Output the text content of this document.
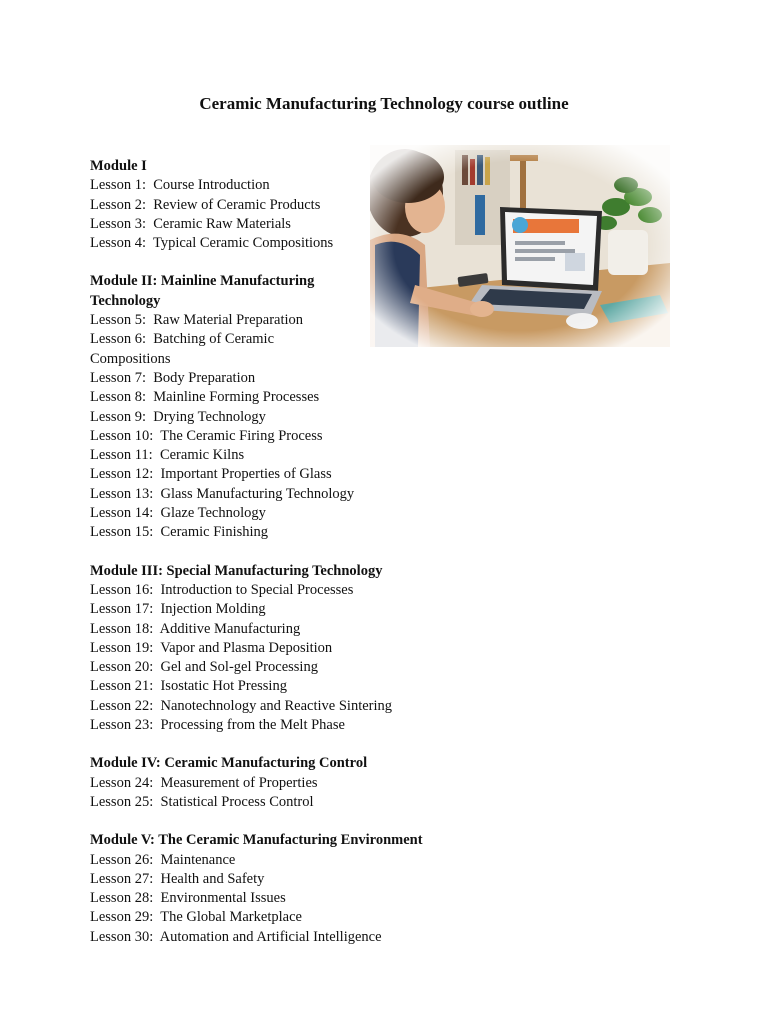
Ceramic Manufacturing Technology course outline
Module I
Lesson 1:  Course Introduction
Lesson 2:  Review of Ceramic Products
Lesson 3:  Ceramic Raw Materials
Lesson 4:  Typical Ceramic Compositions
Module II: Mainline Manufacturing
Technology
Lesson 5:  Raw Material Preparation
Lesson 6:  Batching of Ceramic
Compositions
Lesson 7:  Body Preparation
Lesson 8:  Mainline Forming Processes
Lesson 9:  Drying Technology
Lesson 10:  The Ceramic Firing Process
Lesson 11:  Ceramic Kilns
Lesson 12:  Important Properties of Glass
Lesson 13:  Glass Manufacturing Technology
Lesson 14:  Glaze Technology
Lesson 15:  Ceramic Finishing
Module III: Special Manufacturing Technology
Lesson 16:  Introduction to Special Processes
Lesson 17:  Injection Molding
Lesson 18:  Additive Manufacturing
Lesson 19:  Vapor and Plasma Deposition
Lesson 20:  Gel and Sol-gel Processing
Lesson 21:  Isostatic Hot Pressing
Lesson 22:  Nanotechnology and Reactive Sintering
Lesson 23:  Processing from the Melt Phase
Module IV: Ceramic Manufacturing Control
Lesson 24:  Measurement of Properties
Lesson 25:  Statistical Process Control
Module V: The Ceramic Manufacturing Environment
Lesson 26:  Maintenance
Lesson 27:  Health and Safety
Lesson 28:  Environmental Issues
Lesson 29:  The Global Marketplace
Lesson 30:  Automation and Artificial Intelligence
